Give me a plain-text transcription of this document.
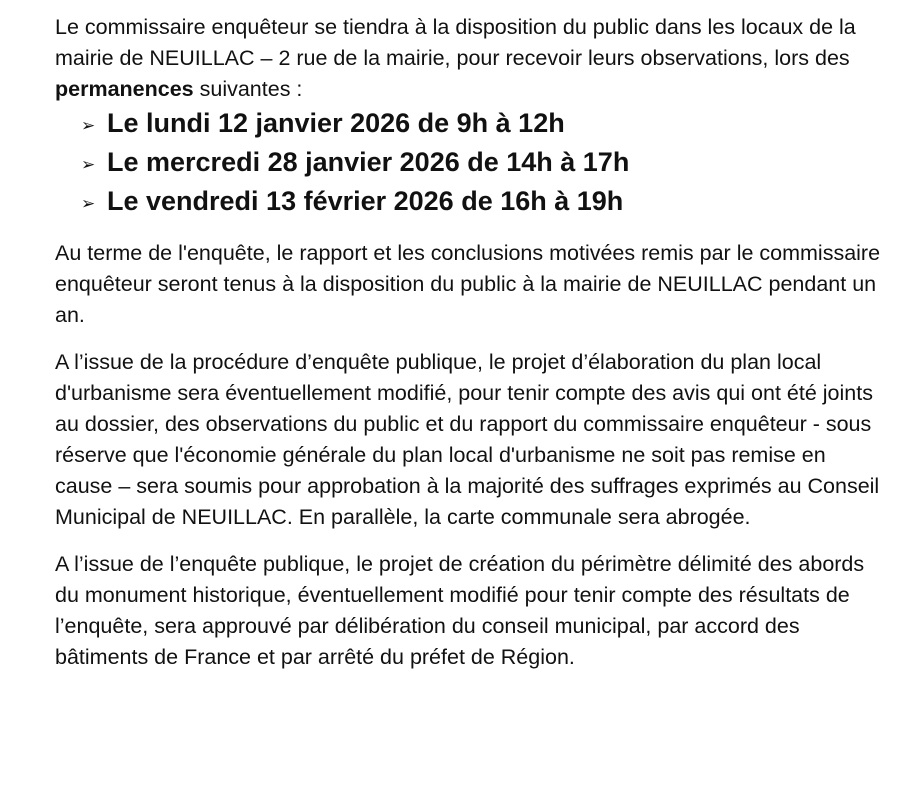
Le commissaire enquêteur se tiendra à la disposition du public dans les locaux de la mairie de NEUILLAC – 2 rue de la mairie, pour recevoir leurs observations, lors des permanences suivantes :

➢ Le lundi 12 janvier 2026 de 9h à 12h
➢ Le mercredi 28 janvier 2026 de 14h à 17h
➢ Le vendredi 13 février 2026 de 16h à 19h

Au terme de l'enquête, le rapport et les conclusions motivées remis par le commissaire enquêteur seront tenus à la disposition du public à la mairie de NEUILLAC pendant un an.

A l’issue de la procédure d’enquête publique, le projet d’élaboration du plan local d'urbanisme sera éventuellement modifié, pour tenir compte des avis qui ont été joints au dossier, des observations du public et du rapport du commissaire enquêteur - sous réserve que l'économie générale du plan local d'urbanisme ne soit pas remise en cause – sera soumis pour approbation à la majorité des suffrages exprimés au Conseil Municipal de NEUILLAC. En parallèle, la carte communale sera abrogée.

A l’issue de l’enquête publique, le projet de création du périmètre délimité des abords du monument historique, éventuellement modifié pour tenir compte des résultats de l’enquête, sera approuvé par délibération du conseil municipal, par accord des bâtiments de France et par arrêté du préfet de Région.
